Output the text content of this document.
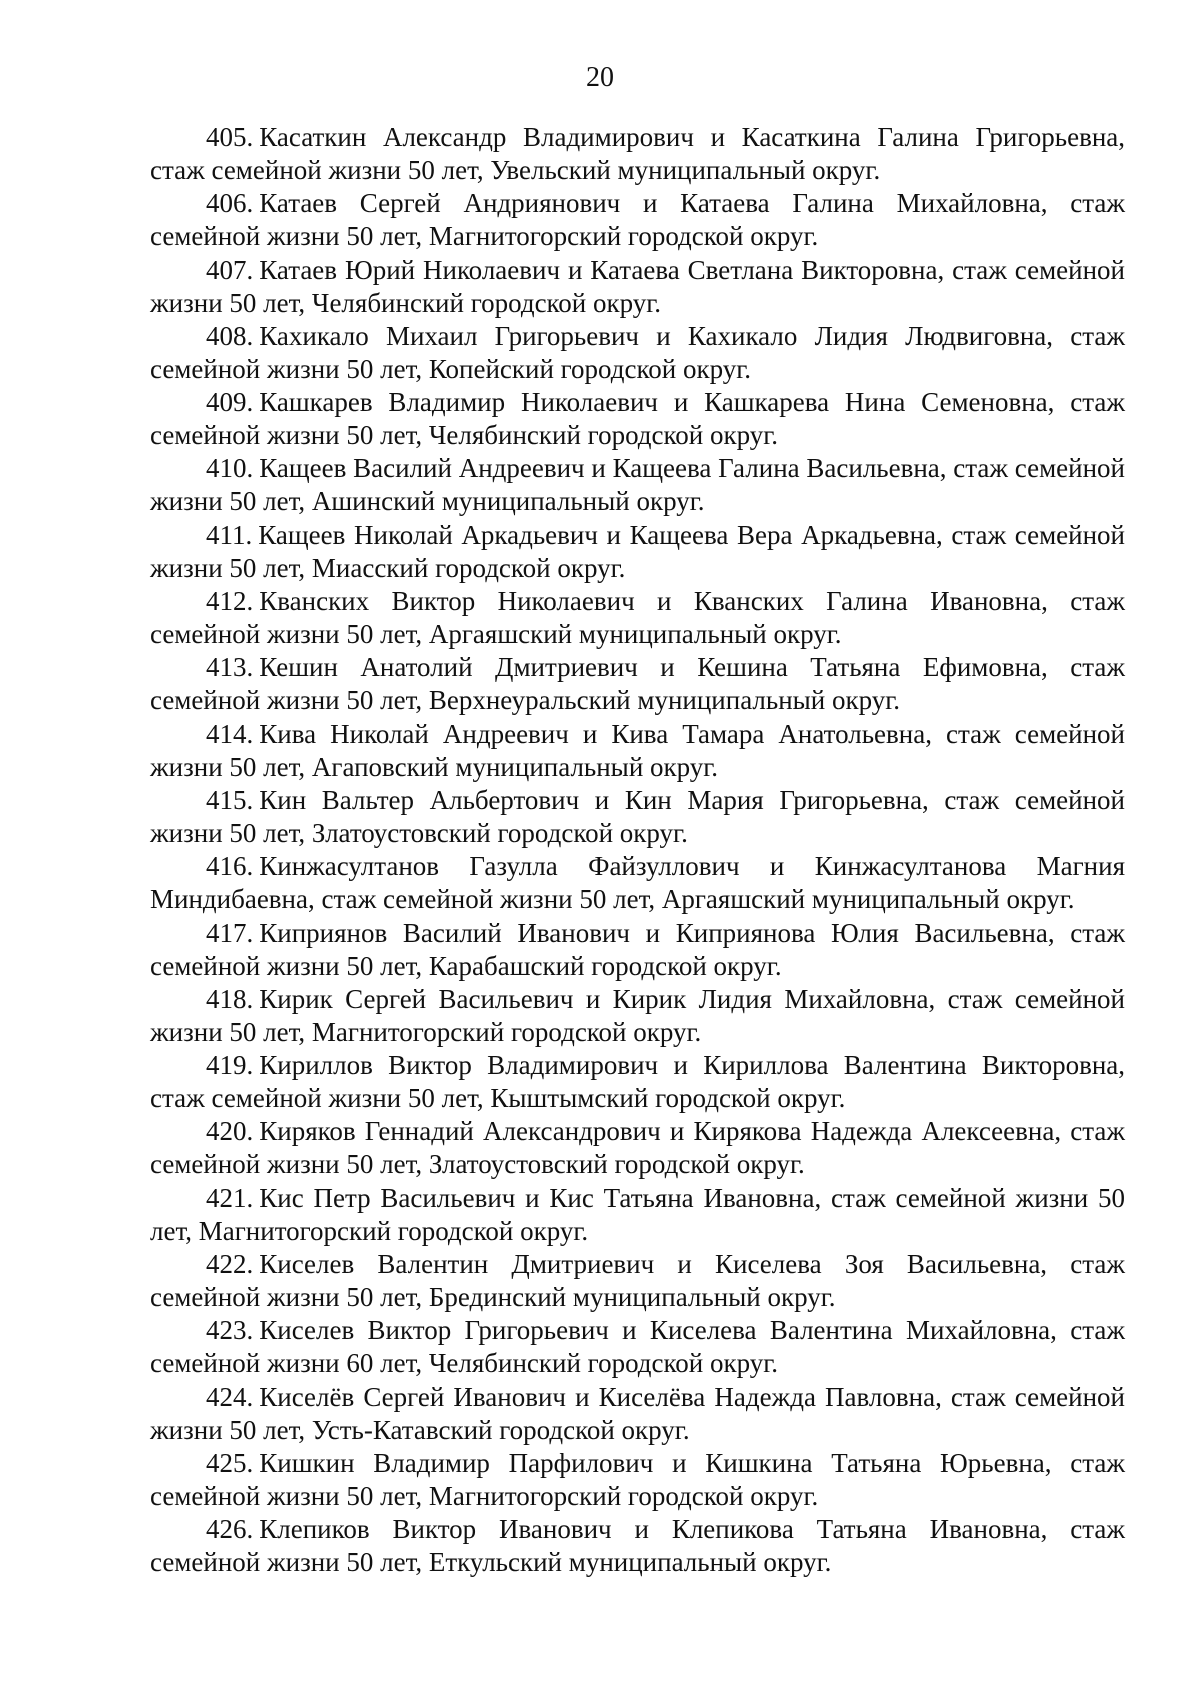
20

405. Касаткин Александр Владимирович и Касаткина Галина Григорьевна, стаж семейной жизни 50 лет, Увельский муниципальный округ.

406. Катаев Сергей Андриянович и Катаева Галина Михайловна, стаж семейной жизни 50 лет, Магнитогорский городской округ.

407. Катаев Юрий Николаевич и Катаева Светлана Викторовна, стаж семейной жизни 50 лет, Челябинский городской округ.

408. Кахикало Михаил Григорьевич и Кахикало Лидия Людвиговна, стаж семейной жизни 50 лет, Копейский городской округ.

409. Кашкарев Владимир Николаевич и Кашкарева Нина Семеновна, стаж семейной жизни 50 лет, Челябинский городской округ.

410. Кащеев Василий Андреевич и Кащеева Галина Васильевна, стаж семейной жизни 50 лет, Ашинский муниципальный округ.

411. Кащеев Николай Аркадьевич и Кащеева Вера Аркадьевна, стаж семейной жизни 50 лет, Миасский городской округ.

412. Кванских Виктор Николаевич и Кванских Галина Ивановна, стаж семейной жизни 50 лет, Аргаяшский муниципальный округ.

413. Кешин Анатолий Дмитриевич и Кешина Татьяна Ефимовна, стаж семейной жизни 50 лет, Верхнеуральский муниципальный округ.

414. Кива Николай Андреевич и Кива Тамара Анатольевна, стаж семейной жизни 50 лет, Агаповский муниципальный округ.

415. Кин Вальтер Альбертович и Кин Мария Григорьевна, стаж семейной жизни 50 лет, Златоустовский городской округ.

416. Кинжасултанов Газулла Файзуллович и Кинжасултанова Магния Миндибаевна, стаж семейной жизни 50 лет, Аргаяшский муниципальный округ.

417. Киприянов Василий Иванович и Киприянова Юлия Васильевна, стаж семейной жизни 50 лет, Карабашский городской округ.

418. Кирик Сергей Васильевич и Кирик Лидия Михайловна, стаж семейной жизни 50 лет, Магнитогорский городской округ.

419. Кириллов Виктор Владимирович и Кириллова Валентина Викторовна, стаж семейной жизни 50 лет, Кыштымский городской округ.

420. Киряков Геннадий Александрович и Кирякова Надежда Алексеевна, стаж семейной жизни 50 лет, Златоустовский городской округ.

421. Кис Петр Васильевич и Кис Татьяна Ивановна, стаж семейной жизни 50 лет, Магнитогорский городской округ.

422. Киселев Валентин Дмитриевич и Киселева Зоя Васильевна, стаж семейной жизни 50 лет, Брединский муниципальный округ.

423. Киселев Виктор Григорьевич и Киселева Валентина Михайловна, стаж семейной жизни 60 лет, Челябинский городской округ.

424. Киселёв Сергей Иванович и Киселёва Надежда Павловна, стаж семейной жизни 50 лет, Усть-Катавский городской округ.

425. Кишкин Владимир Парфилович и Кишкина Татьяна Юрьевна, стаж семейной жизни 50 лет, Магнитогорский городской округ.

426. Клепиков Виктор Иванович и Клепикова Татьяна Ивановна, стаж семейной жизни 50 лет, Еткульский муниципальный округ.
